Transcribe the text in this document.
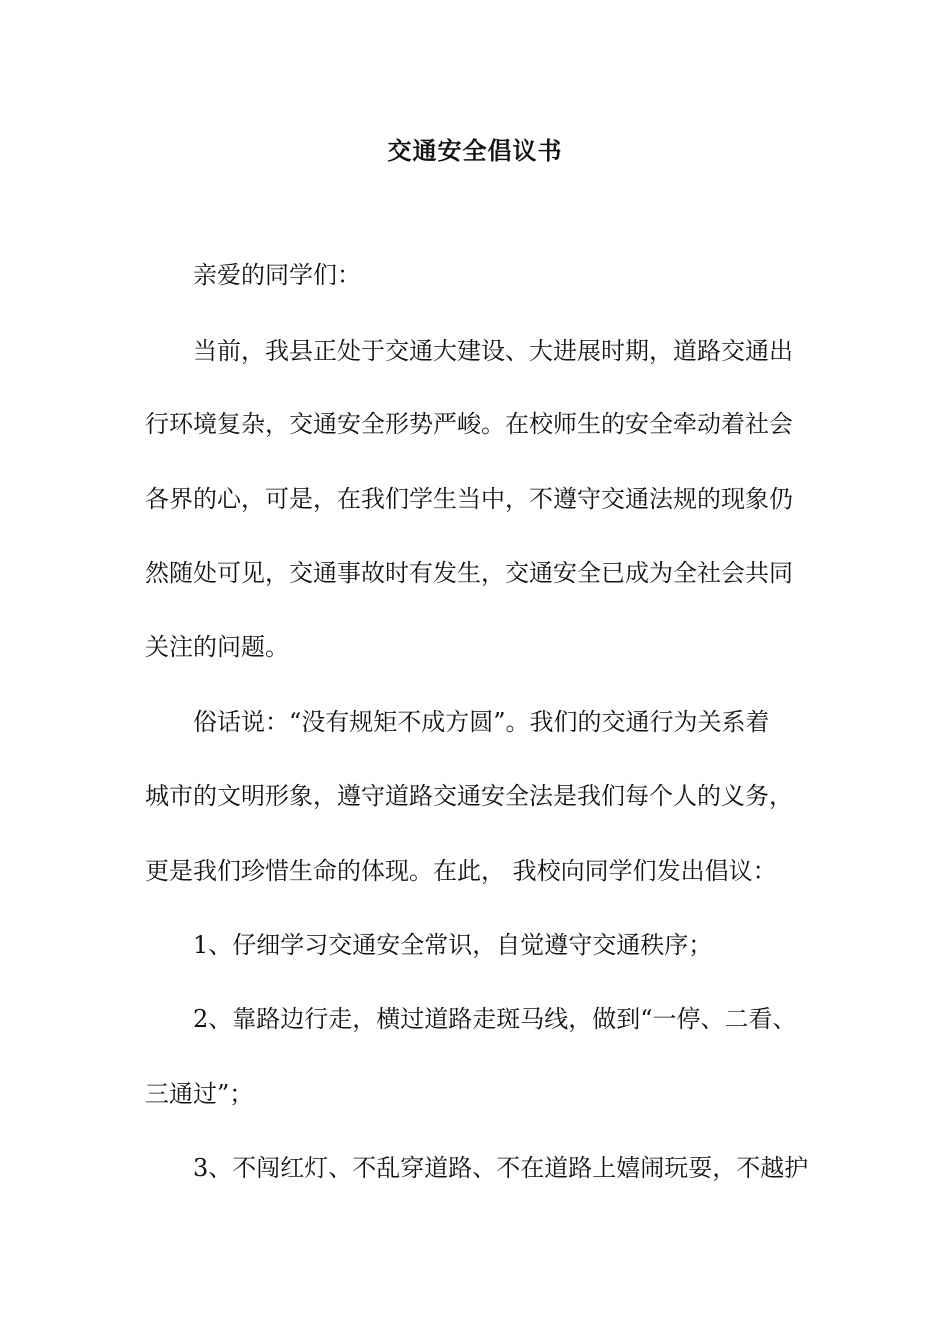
交通安全倡议书
亲爱的同学们：
当前，我县正处于交通大建设、大进展时期，道路交通出
行环境复杂，交通安全形势严峻。在校师生的安全牵动着社会
各界的心，可是，在我们学生当中，不遵守交通法规的现象仍
然随处可见，交通事故时有发生，交通安全已成为全社会共同
关注的问题。
俗话说：“没有规矩不成方圆”。我们的交通行为关系着
城市的文明形象，遵守道路交通安全法是我们每个人的义务，
更是我们珍惜生命的体现。在此， 我校向同学们发出倡议：
1、仔细学习交通安全常识，自觉遵守交通秩序；
2、靠路边行走，横过道路走斑马线，做到“一停、二看、
三通过”；
3、不闯红灯、不乱穿道路、不在道路上嬉闹玩耍，不越护
